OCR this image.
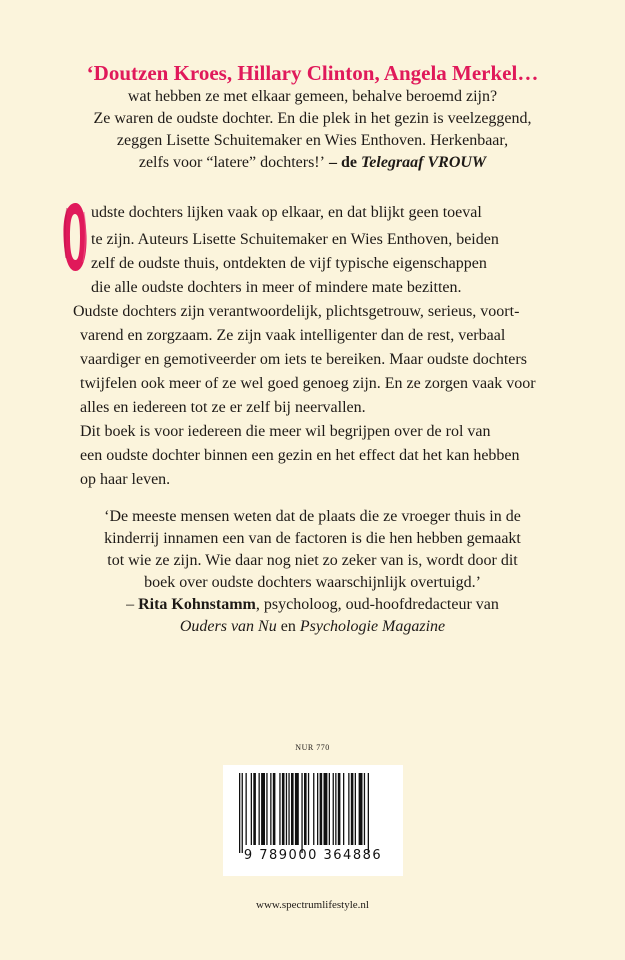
‘Doutzen Kroes, Hillary Clinton, Angela Merkel…
wat hebben ze met elkaar gemeen, behalve beroemd zijn?
Ze waren de oudste dochter. En die plek in het gezin is veelzeggend,
zeggen Lisette Schuitemaker en Wies Enthoven. Herkenbaar,
zelfs voor “latere” dochters!’ – de Telegraaf VROUW
udste dochters lijken vaak op elkaar, en dat blijkt geen toeval
te zijn. Auteurs Lisette Schuitemaker en Wies Enthoven, beiden
zelf de oudste thuis, ontdekten de vijf typische eigenschappen
die alle oudste dochters in meer of mindere mate bezitten.
Oudste dochters zijn verantwoordelijk, plichtsgetrouw, serieus, voort-
varend en zorgzaam. Ze zijn vaak intelligenter dan de rest, verbaal
vaardiger en gemotiveerder om iets te bereiken. Maar oudste dochters
twijfelen ook meer of ze wel goed genoeg zijn. En ze zorgen vaak voor
alles en iedereen tot ze er zelf bij neervallen.
Dit boek is voor iedereen die meer wil begrijpen over de rol van
een oudste dochter binnen een gezin en het effect dat het kan hebben
op haar leven.
‘De meeste mensen weten dat de plaats die ze vroeger thuis in de
kinderrij innamen een van de factoren is die hen hebben gemaakt
tot wie ze zijn. Wie daar nog niet zo zeker van is, wordt door dit
boek over oudste dochters waarschijnlijk overtuigd.’
– Rita Kohnstamm, psycholoog, oud-hoofdredacteur van
Ouders van Nu en Psychologie Magazine
NUR 770
9 789000 364886
www.spectrumlifestyle.nl
